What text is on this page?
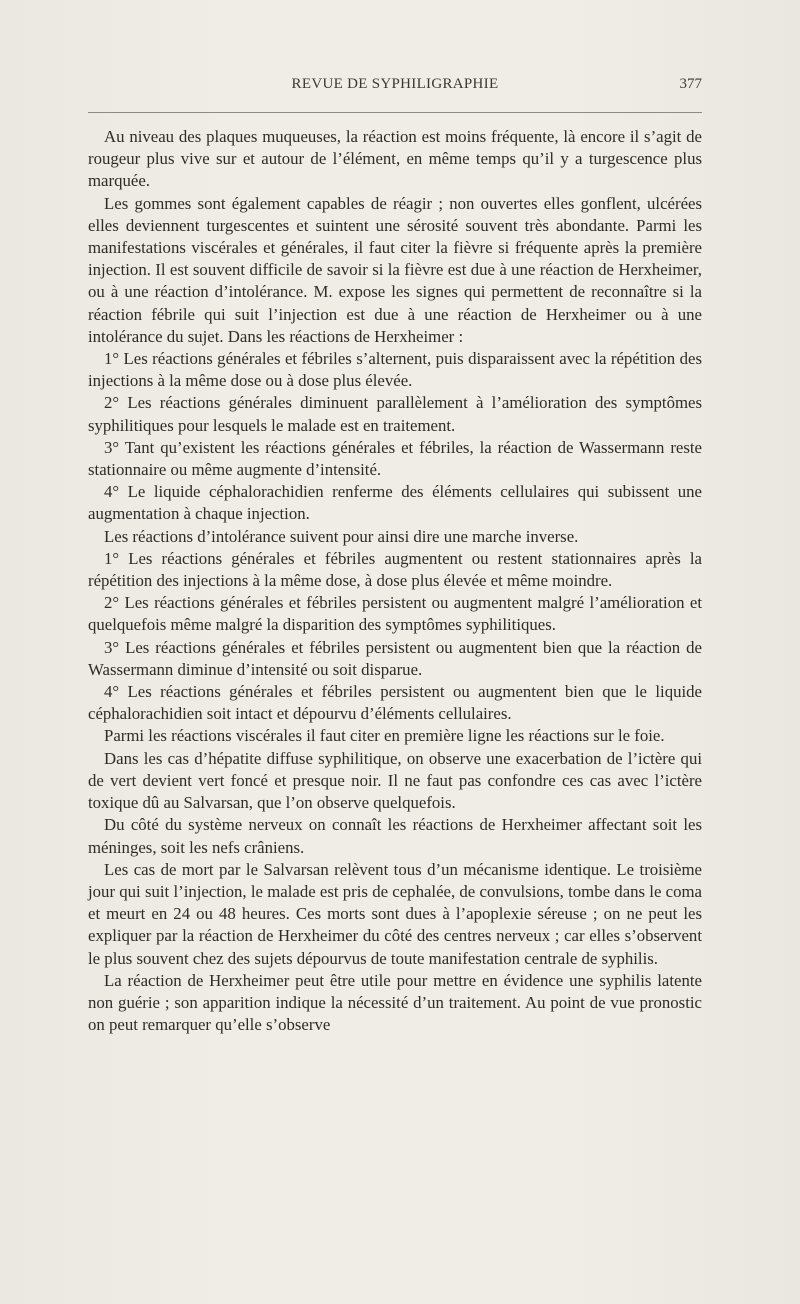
REVUE DE SYPHILIGRAPHIE	377

Au niveau des plaques muqueuses, la réaction est moins fréquente, là encore il s’agit de rougeur plus vive sur et autour de l’élément, en même temps qu’il y a turgescence plus marquée.

Les gommes sont également capables de réagir ; non ouvertes elles gonflent, ulcérées elles deviennent turgescentes et suintent une sérosité souvent très abondante. Parmi les manifestations viscérales et générales, il faut citer la fièvre si fréquente après la première injection. Il est souvent difficile de savoir si la fièvre est due à une réaction de Herxheimer, ou à une réaction d’intolérance. M. expose les signes qui permettent de reconnaître si la réaction fébrile qui suit l’injection est due à une réaction de Herxheimer ou à une intolérance du sujet. Dans les réactions de Herxheimer :

1° Les réactions générales et fébriles s’alternent, puis disparaissent avec la répétition des injections à la même dose ou à dose plus élevée.

2° Les réactions générales diminuent parallèlement à l’amélioration des symptômes syphilitiques pour lesquels le malade est en traitement.

3° Tant qu’existent les réactions générales et fébriles, la réaction de Wassermann reste stationnaire ou même augmente d’intensité.

4° Le liquide céphalorachidien renferme des éléments cellulaires qui subissent une augmentation à chaque injection.

Les réactions d’intolérance suivent pour ainsi dire une marche inverse.

1° Les réactions générales et fébriles augmentent ou restent stationnaires après la répétition des injections à la même dose, à dose plus élevée et même moindre.

2° Les réactions générales et fébriles persistent ou augmentent malgré l’amélioration et quelquefois même malgré la disparition des symptômes syphilitiques.

3° Les réactions générales et fébriles persistent ou augmentent bien que la réaction de Wassermann diminue d’intensité ou soit disparue.

4° Les réactions générales et fébriles persistent ou augmentent bien que le liquide céphalorachidien soit intact et dépourvu d’éléments cellulaires.

Parmi les réactions viscérales il faut citer en première ligne les réactions sur le foie.

Dans les cas d’hépatite diffuse syphilitique, on observe une exacerbation de l’ictère qui de vert devient vert foncé et presque noir. Il ne faut pas confondre ces cas avec l’ictère toxique dû au Salvarsan, que l’on observe quelquefois.

Du côté du système nerveux on connaît les réactions de Herxheimer affectant soit les méninges, soit les nefs crâniens.

Les cas de mort par le Salvarsan relèvent tous d’un mécanisme identique. Le troisième jour qui suit l’injection, le malade est pris de cephalée, de convulsions, tombe dans le coma et meurt en 24 ou 48 heures. Ces morts sont dues à l’apoplexie séreuse ; on ne peut les expliquer par la réaction de Herxheimer du côté des centres nerveux ; car elles s’observent le plus souvent chez des sujets dépourvus de toute manifestation centrale de syphilis.

La réaction de Herxheimer peut être utile pour mettre en évidence une syphilis latente non guérie ; son apparition indique la nécessité d’un traitement. Au point de vue pronostic on peut remarquer qu’elle s’observe
